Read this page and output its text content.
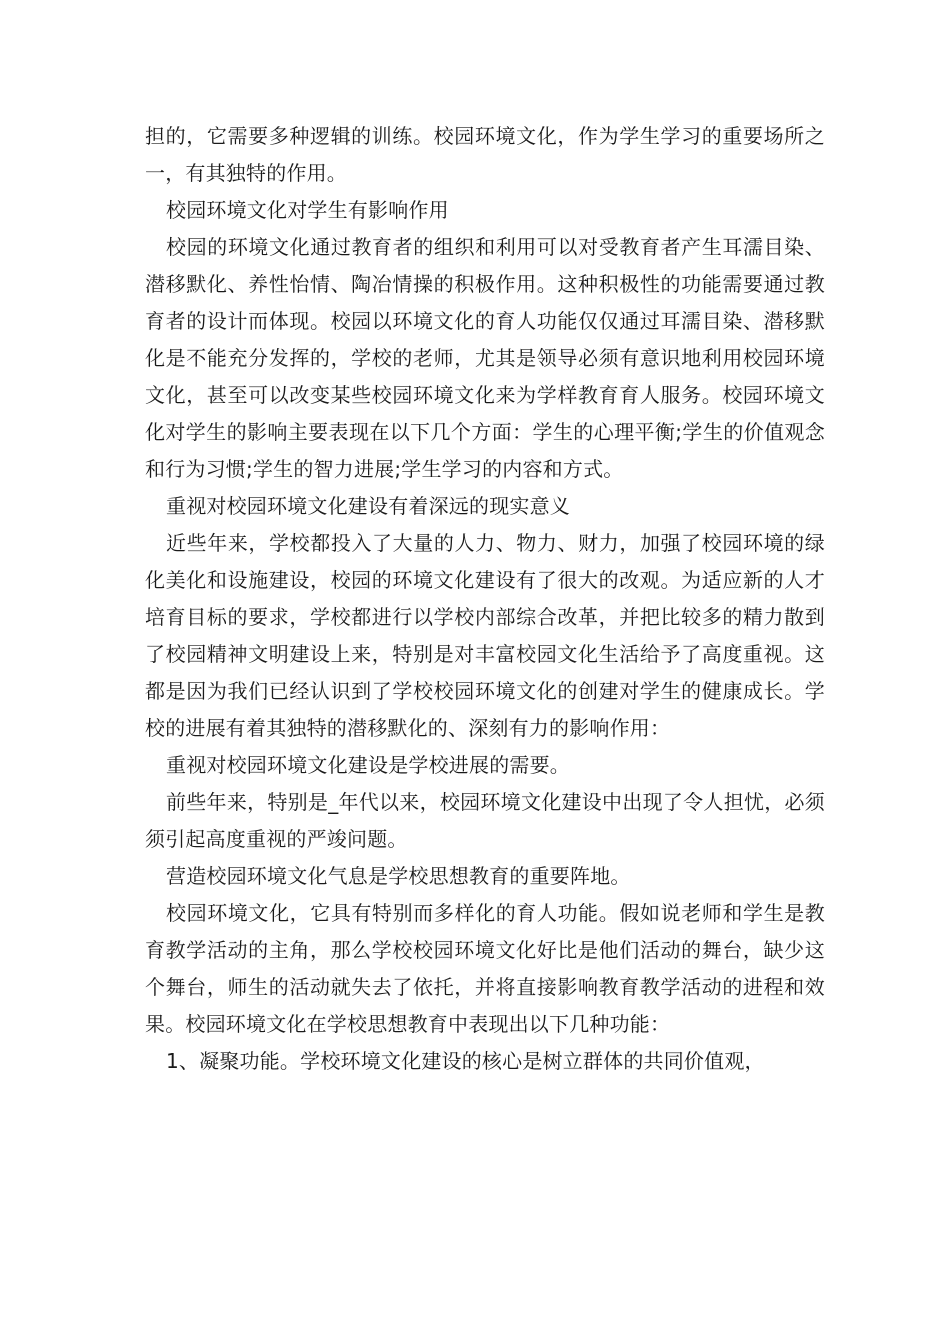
担的，它需要多种逻辑的训练。校园环境文化，作为学生学习的重要场所之一，有其独特的作用。

校园环境文化对学生有影响作用

校园的环境文化通过教育者的组织和利用可以对受教育者产生耳濡目染、潜移默化、养性怡情、陶冶情操的积极作用。这种积极性的功能需要通过教育者的设计而体现。校园以环境文化的育人功能仅仅通过耳濡目染、潜移默化是不能充分发挥的，学校的老师，尤其是领导必须有意识地利用校园环境文化，甚至可以改变某些校园环境文化来为学样教育育人服务。校园环境文化对学生的影响主要表现在以下几个方面：学生的心理平衡;学生的价值观念和行为习惯;学生的智力进展;学生学习的内容和方式。

重视对校园环境文化建设有着深远的现实意义

近些年来，学校都投入了大量的人力、物力、财力，加强了校园环境的绿化美化和设施建设，校园的环境文化建设有了很大的改观。为适应新的人才培育目标的要求，学校都进行以学校内部综合改革，并把比较多的精力散到了校园精神文明建设上来，特别是对丰富校园文化生活给予了高度重视。这都是因为我们已经认识到了学校校园环境文化的创建对学生的健康成长。学校的进展有着其独特的潜移默化的、深刻有力的影响作用：

重视对校园环境文化建设是学校进展的需要。

前些年来，特别是_年代以来，校园环境文化建设中出现了令人担忧，必须须引起高度重视的严竣问题。

营造校园环境文化气息是学校思想教育的重要阵地。

校园环境文化，它具有特别而多样化的育人功能。假如说老师和学生是教育教学活动的主角，那么学校校园环境文化好比是他们活动的舞台，缺少这个舞台，师生的活动就失去了依托，并将直接影响教育教学活动的进程和效果。校园环境文化在学校思想教育中表现出以下几种功能：

1、凝聚功能。学校环境文化建设的核心是树立群体的共同价值观，
